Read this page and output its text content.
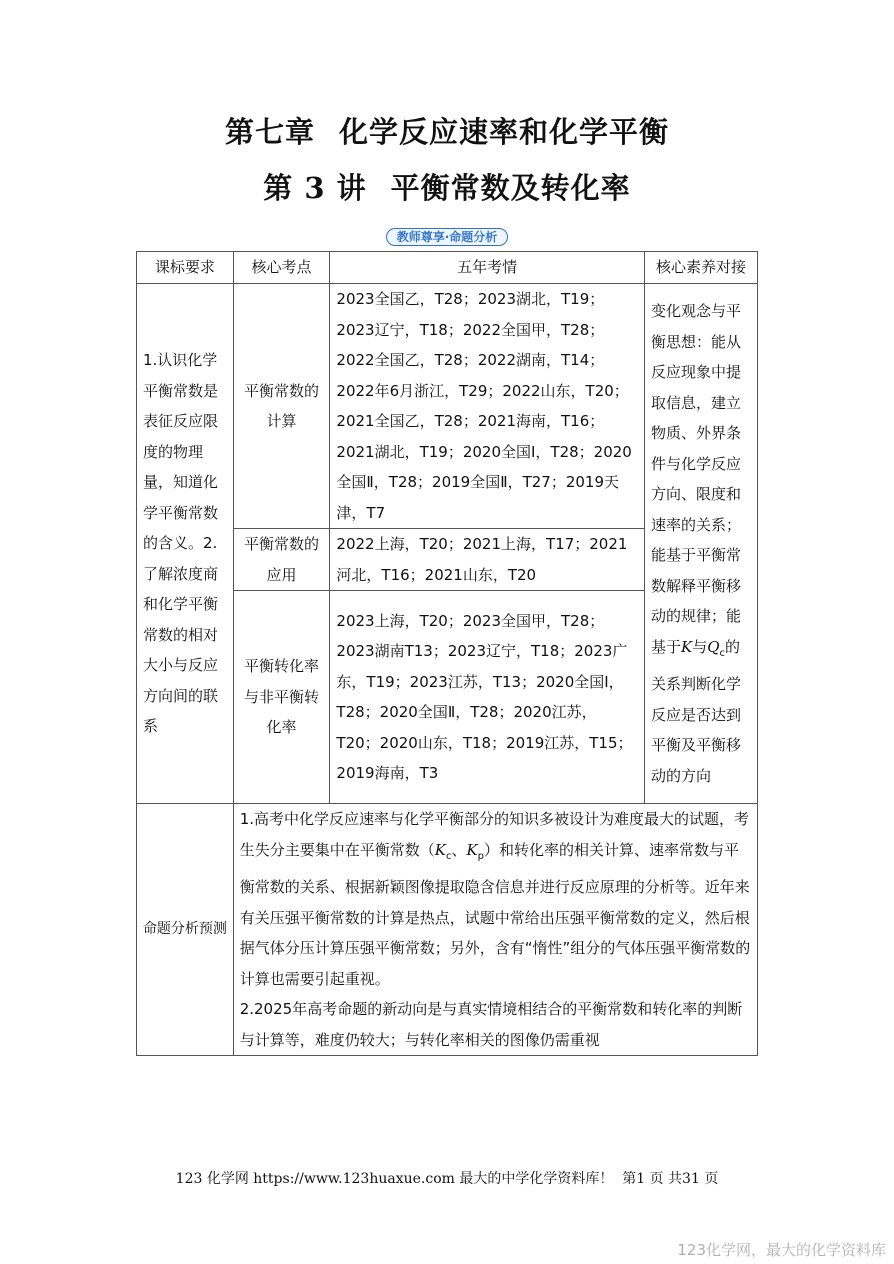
第七章 化学反应速率和化学平衡
第 3 讲 平衡常数及转化率
教师尊享·命题分析
课标要求	核心考点	五年考情	核心素养对接
1.认识化学平衡常数是表征反应限度的物理量，知道化学平衡常数的含义。2.了解浓度商和化学平衡常数的相对大小与反应方向间的联系	平衡常数的计算	2023全国乙，T28；2023湖北，T19；2023辽宁，T18；2022全国甲，T28；2022全国乙，T28；2022湖南，T14；2022年6月浙江，T29；2022山东，T20；2021全国乙，T28；2021海南，T16；2021湖北，T19；2020全国Ⅰ，T28；2020全国Ⅱ，T28；2019全国Ⅱ，T27；2019天津，T7	变化观念与平衡思想：能从反应现象中提取信息，建立物质、外界条件与化学反应方向、限度和速率的关系；能基于平衡常数解释平衡移动的规律；能基于K与$Q_c$的关系判断化学反应是否达到平衡及平衡移动的方向
	平衡常数的应用	2022上海，T20；2021上海，T17；2021河北，T16；2021山东，T20	
	平衡转化率与非平衡转化率	2023上海，T20；2023全国甲，T28；2023湖南T13；2023辽宁，T18；2023广东，T19；2023江苏，T13；2020全国Ⅰ，T28；2020全国Ⅱ，T28；2020江苏，T20；2020山东，T18；2019江苏，T15；2019海南，T3	
命题分析预测	1.高考中化学反应速率与化学平衡部分的知识多被设计为难度最大的试题，考生失分主要集中在平衡常数（$K_c$、$K_p$）和转化率的相关计算、速率常数与平衡常数的关系、根据新颖图像提取隐含信息并进行反应原理的分析等。近年来有关压强平衡常数的计算是热点，试题中常给出压强平衡常数的定义，然后根据气体分压计算压强平衡常数；另外，含有“惰性”组分的气体压强平衡常数的计算也需要引起重视。

2.2025年高考命题的新动向是与真实情境相结合的平衡常数和转化率的判断与计算等，难度仍较大；与转化率相关的图像仍需重视		

123 化学网 https://www.123huaxue.com 最大的中学化学资料库！ 第1 页 共31 页
123化学网，最大的化学资料库
